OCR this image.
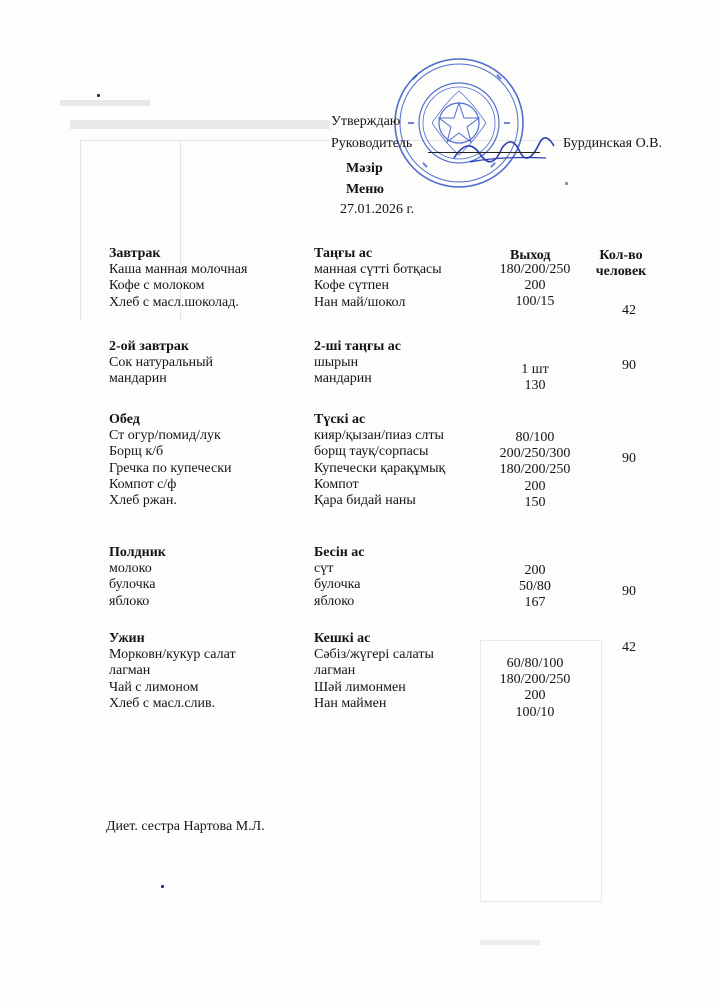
Утверждаю
Руководитель	Бурдинская О.В.
Мәзір
Меню
27.01.2026 г.
Выход	Кол-во
человек
Завтрак
Каша манная молочная
Кофе с молоком
Хлеб с масл.шоколад.
Таңғы ас
манная сүтті ботқасы
Кофе сүтпен
Нан май/шокол
180/200/250
200
100/15
42
2-ой завтрак
Сок натуральный
мандарин
2-ші таңғы ас
шырын
мандарин
1 шт
130
90
Обед
Ст огур/помид/лук
Борщ к/б
Гречка по купечески
Компот с/ф
Хлеб ржан.
Түскі ас
кияр/қызан/пиаз слты
борщ тауқ/сорпасы
Купечески қарақұмық
Компот
Қара бидай наны
80/100
200/250/300
180/200/250
200
150
90
Полдник
молоко
булочка
яблоко
Бесін ас
сүт
булочка
яблоко
200
50/80
167
90
Ужин
Морковн/кукур салат
лагман
Чай с лимоном
Хлеб с масл.слив.
Кешкі ас
Сәбіз/жүгері салаты
лагман
Шәй лимонмен
Нан маймен
60/80/100
180/200/250
200
100/10
42
Диет. сестра Нартова М.Л.
